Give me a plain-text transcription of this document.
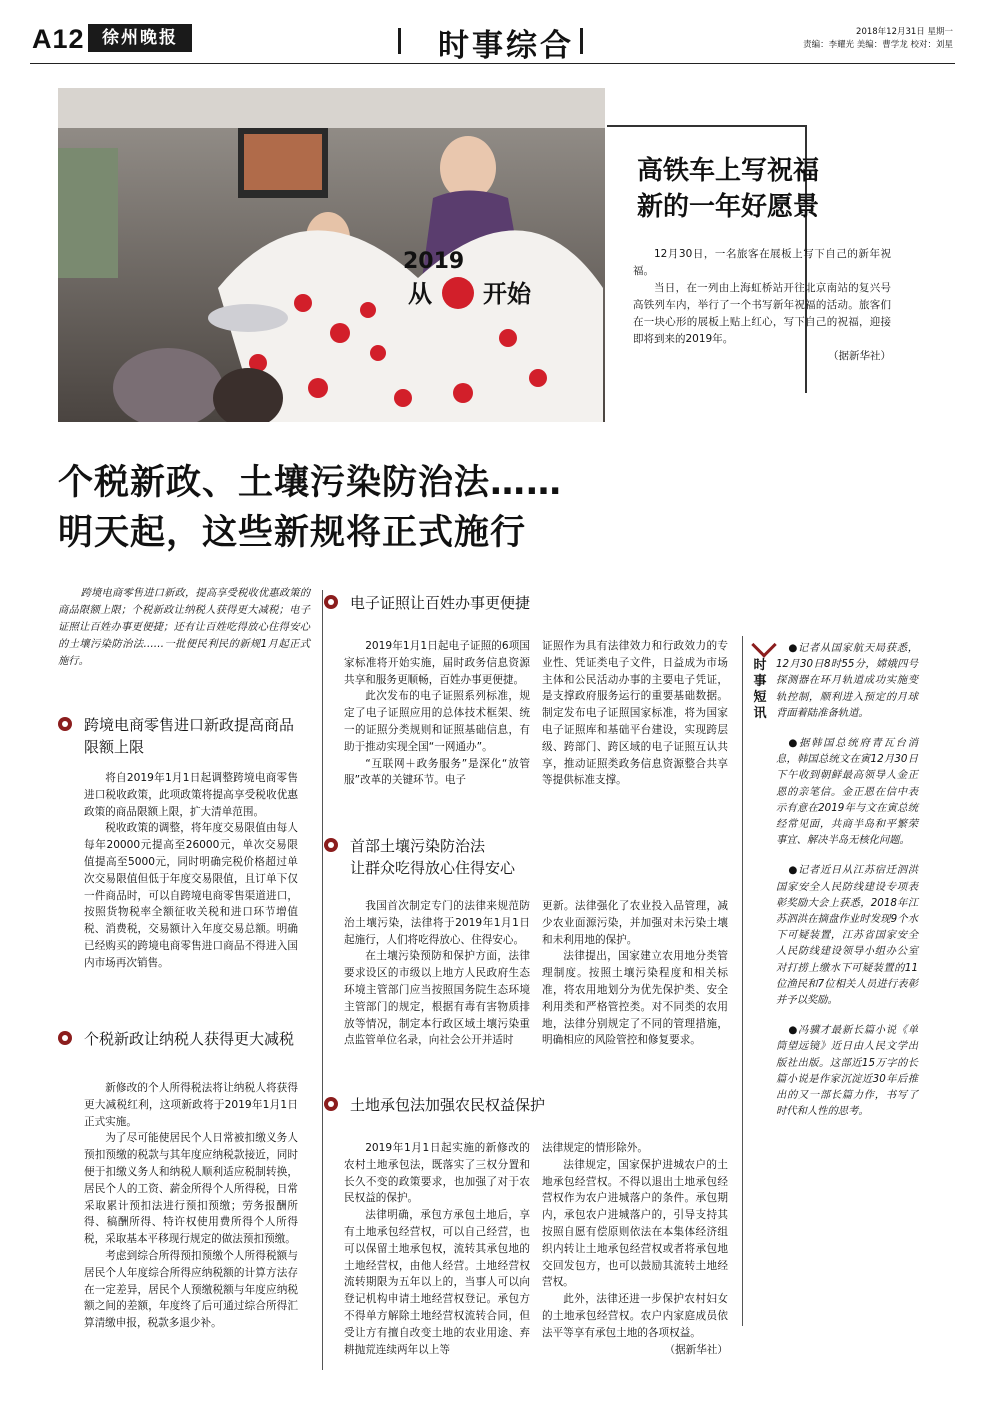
A12	徐州晚报	时事综合	2018年12月31日 星期一
责编：李耀光 美编：曹学龙 校对：刘星
2019
从 开始
高铁车上写祝福
新的一年好愿景

12月30日，一名旅客在展板上写下自己的新年祝福。

当日，在一列由上海虹桥站开往北京南站的复兴号高铁列车内，举行了一个书写新年祝福的活动。旅客们在一块心形的展板上贴上红心，写下自己的祝福，迎接即将到来的2019年。

（据新华社）

个税新政、土壤污染防治法……
明天起，这些新规将正式施行
跨境电商零售进口新政，提高享受税收优惠政策的商品限额上限；个税新政让纳税人获得更大减税；电子证照让百姓办事更便捷；还有让百姓吃得放心住得安心的土壤污染防治法……一批便民利民的新规1月起正式施行。
跨境电商零售进口新政提高商品限额上限

将自2019年1月1日起调整跨境电商零售进口税收政策，此项政策将提高享受税收优惠政策的商品限额上限，扩大清单范围。

税收政策的调整，将年度交易限值由每人每年20000元提高至26000元，单次交易限值提高至5000元，同时明确完税价格超过单次交易限值但低于年度交易限值，且订单下仅一件商品时，可以自跨境电商零售渠道进口，按照货物税率全额征收关税和进口环节增值税、消费税，交易额计入年度交易总额。明确已经购买的跨境电商零售进口商品不得进入国内市场再次销售。

个税新政让纳税人获得更大减税

新修改的个人所得税法将让纳税人将获得更大减税红利，这项新政将于2019年1月1日正式实施。

为了尽可能使居民个人日常被扣缴义务人预扣预缴的税款与其年度应纳税款接近，同时便于扣缴义务人和纳税人顺利适应税制转换，居民个人的工资、薪金所得个人所得税，日常采取累计预扣法进行预扣预缴；劳务报酬所得、稿酬所得、特许权使用费所得个人所得税，采取基本平移现行规定的做法预扣预缴。

考虑到综合所得预扣预缴个人所得税额与居民个人年度综合所得应纳税额的计算方法存在一定差异，居民个人预缴税额与年度应纳税额之间的差额，年度终了后可通过综合所得汇算清缴申报，税款多退少补。

电子证照让百姓办事更便捷

2019年1月1日起电子证照的6项国家标准将开始实施，届时政务信息资源共享和服务更顺畅，百姓办事更便捷。

此次发布的电子证照系列标准，规定了电子证照应用的总体技术框架、统一的证照分类规则和证照基础信息，有助于推动实现全国“一网通办”。

“互联网＋政务服务”是深化“放管服”改革的关键环节。电子

证照作为具有法律效力和行政效力的专业性、凭证类电子文件，日益成为市场主体和公民活动办事的主要电子凭证，是支撑政府服务运行的重要基础数据。制定发布电子证照国家标准，将为国家电子证照库和基础平台建设，实现跨层级、跨部门、跨区域的电子证照互认共享，推动证照类政务信息资源整合共享等提供标准支撑。

首部土壤污染防治法
让群众吃得放心住得安心

我国首次制定专门的法律来规范防治土壤污染，法律将于2019年1月1日起施行，人们将吃得放心、住得安心。

在土壤污染预防和保护方面，法律要求设区的市级以上地方人民政府生态环境主管部门应当按照国务院生态环境主管部门的规定，根据有毒有害物质排放等情况，制定本行政区域土壤污染重点监管单位名录，向社会公开并适时

更新。法律强化了农业投入品管理，减少农业面源污染，并加强对未污染土壤和未利用地的保护。

法律提出，国家建立农用地分类管理制度。按照土壤污染程度和相关标准，将农用地划分为优先保护类、安全利用类和严格管控类。对不同类的农用地，法律分别规定了不同的管理措施，明确相应的风险管控和修复要求。

土地承包法加强农民权益保护

2019年1月1日起实施的新修改的农村土地承包法，既落实了三权分置和长久不变的政策要求，也加强了对于农民权益的保护。

法律明确，承包方承包土地后，享有土地承包经营权，可以自己经营，也可以保留土地承包权，流转其承包地的土地经营权，由他人经营。土地经营权流转期限为五年以上的，当事人可以向登记机构申请土地经营权登记。承包方不得单方解除土地经营权流转合同，但受让方有擅自改变土地的农业用途、弃耕抛荒连续两年以上等

法律规定的情形除外。

法律规定，国家保护进城农户的土地承包经营权。不得以退出土地承包经营权作为农户进城落户的条件。承包期内，承包农户进城落户的，引导支持其按照自愿有偿原则依法在本集体经济组织内转让土地承包经营权或者将承包地交回发包方，也可以鼓励其流转土地经营权。

此外，法律还进一步保护农村妇女的土地承包经营权。农户内家庭成员依法平等享有承包土地的各项权益。

（据新华社）

时事短讯

●记者从国家航天局获悉，12月30日8时55分，嫦娥四号探测器在环月轨道成功实施变轨控制，顺利进入预定的月球背面着陆准备轨道。

●据韩国总统府青瓦台消息，韩国总统文在寅12月30日下午收到朝鲜最高领导人金正恩的亲笔信。金正恩在信中表示有意在2019年与文在寅总统经常见面，共商半岛和平繁荣事宜、解决半岛无核化问题。

●记者近日从江苏宿迁泗洪国家安全人民防线建设专项表彰奖励大会上获悉，2018年江苏泗洪在摘盘作业时发现9个水下可疑装置，江苏省国家安全人民防线建设领导小组办公室对打捞上缴水下可疑装置的11位渔民和7位相关人员进行表彰并予以奖励。

●冯骥才最新长篇小说《单筒望远镜》近日由人民文学出版社出版。这部近15万字的长篇小说是作家沉淀近30年后推出的又一部长篇力作，书写了时代和人性的思考。
